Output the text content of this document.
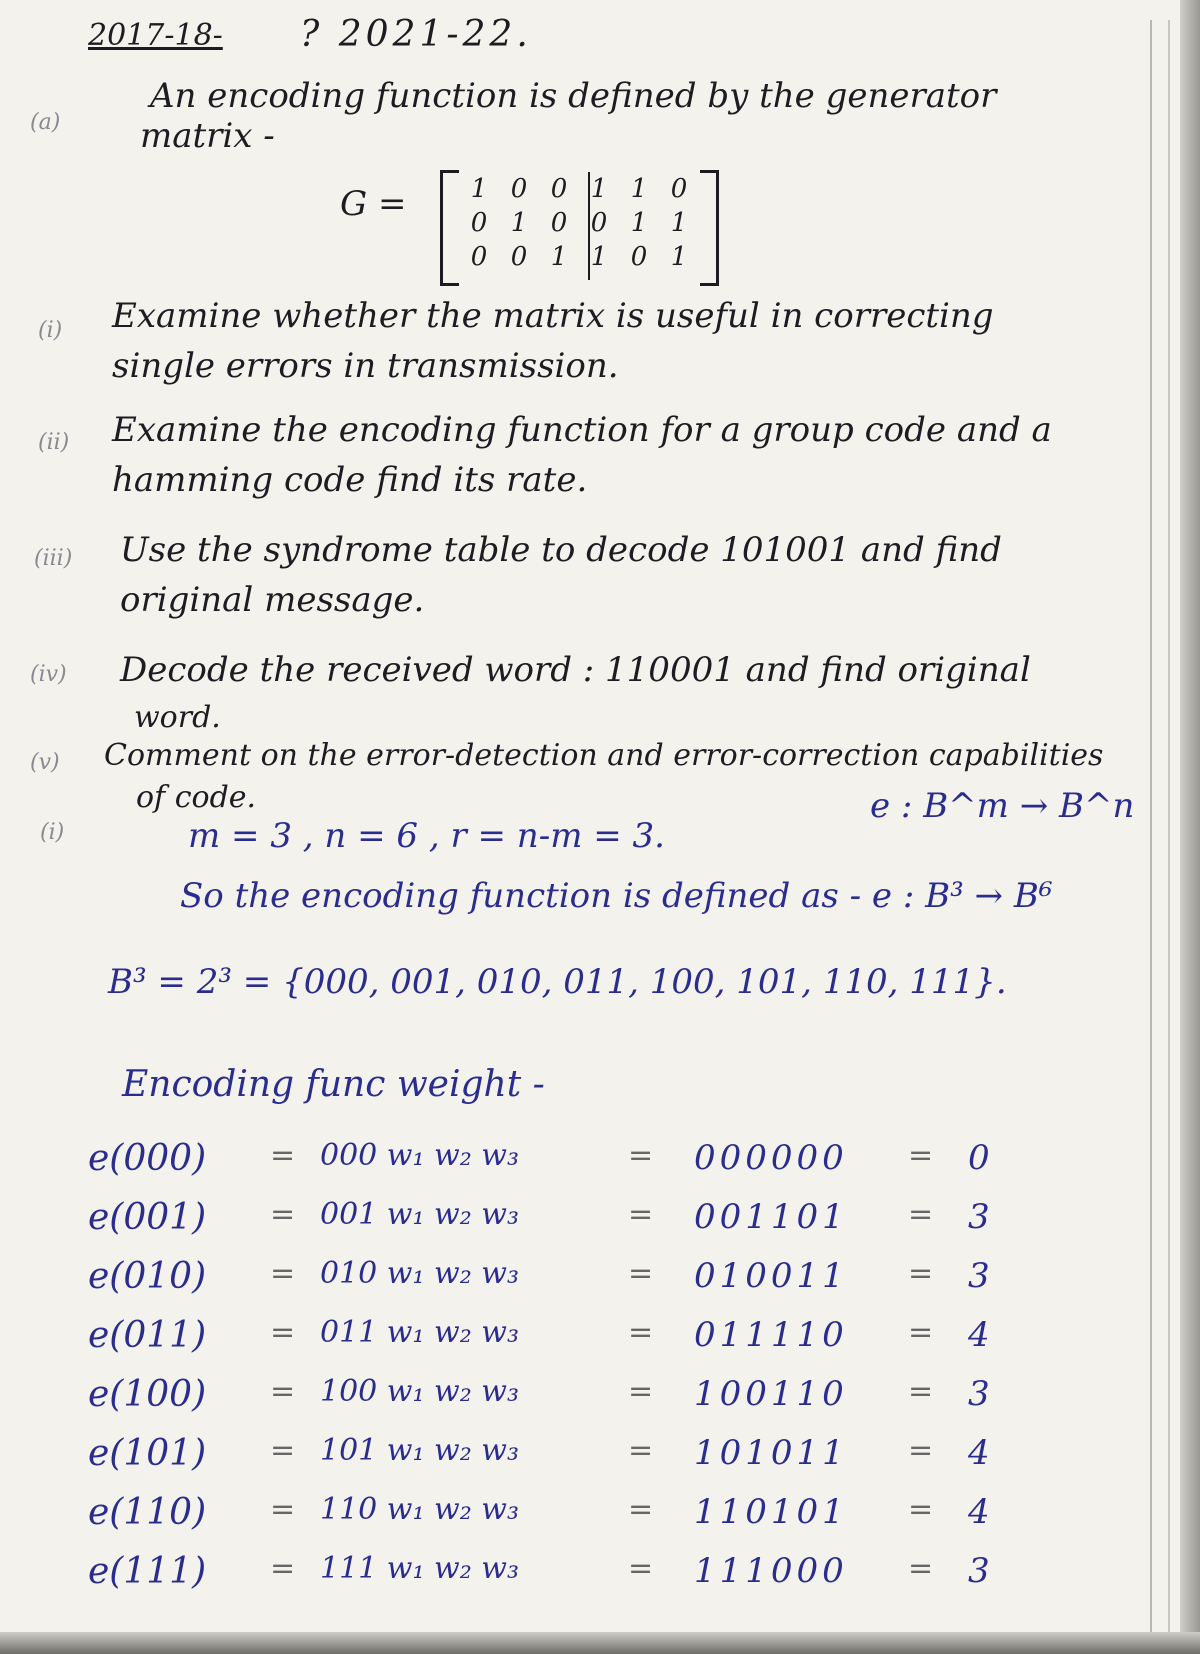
2017-18- ? 2021-22.
(a)
An encoding function is defined by the generator
matrix -
G = 1 0 0 1 1 0
0 1 0 0 1 1
0 0 1 1 0 1
(i) Examine whether the matrix is useful in correcting
single errors in transmission.
(ii) Examine the encoding function for a group code and a
hamming code find its rate.
(iii) Use the syndrome table to decode 101001 and find
original message.
(iv) Decode the received word : 110001 and find original
word.
(v) Comment on the error-detection and error-correction capabilities
of code.
(i)	m = 3 , n = 6 , r = n-m = 3.
e : B^m → B^n
So the encoding function is defined as - e : B³ → B⁶
B³ = 2³ = {000, 001, 010, 011, 100, 101, 110, 111}.
Encoding func weight -
e(000) = 000 w₁ w₂ w₃	= 000000 = 0
e(001) = 001 w₁ w₂ w₃	= 001101 = 3
e(010) = 010 w₁ w₂ w₃	= 010011 = 3
e(011) = 011 w₁ w₂ w₃	= 011110 = 4
e(100) = 100 w₁ w₂ w₃	= 100110 = 3
e(101) = 101 w₁ w₂ w₃	= 101011 = 4
e(110) = 110 w₁ w₂ w₃	= 110101 = 4
e(111) = 111 w₁ w₂ w₃	= 111000 = 3
